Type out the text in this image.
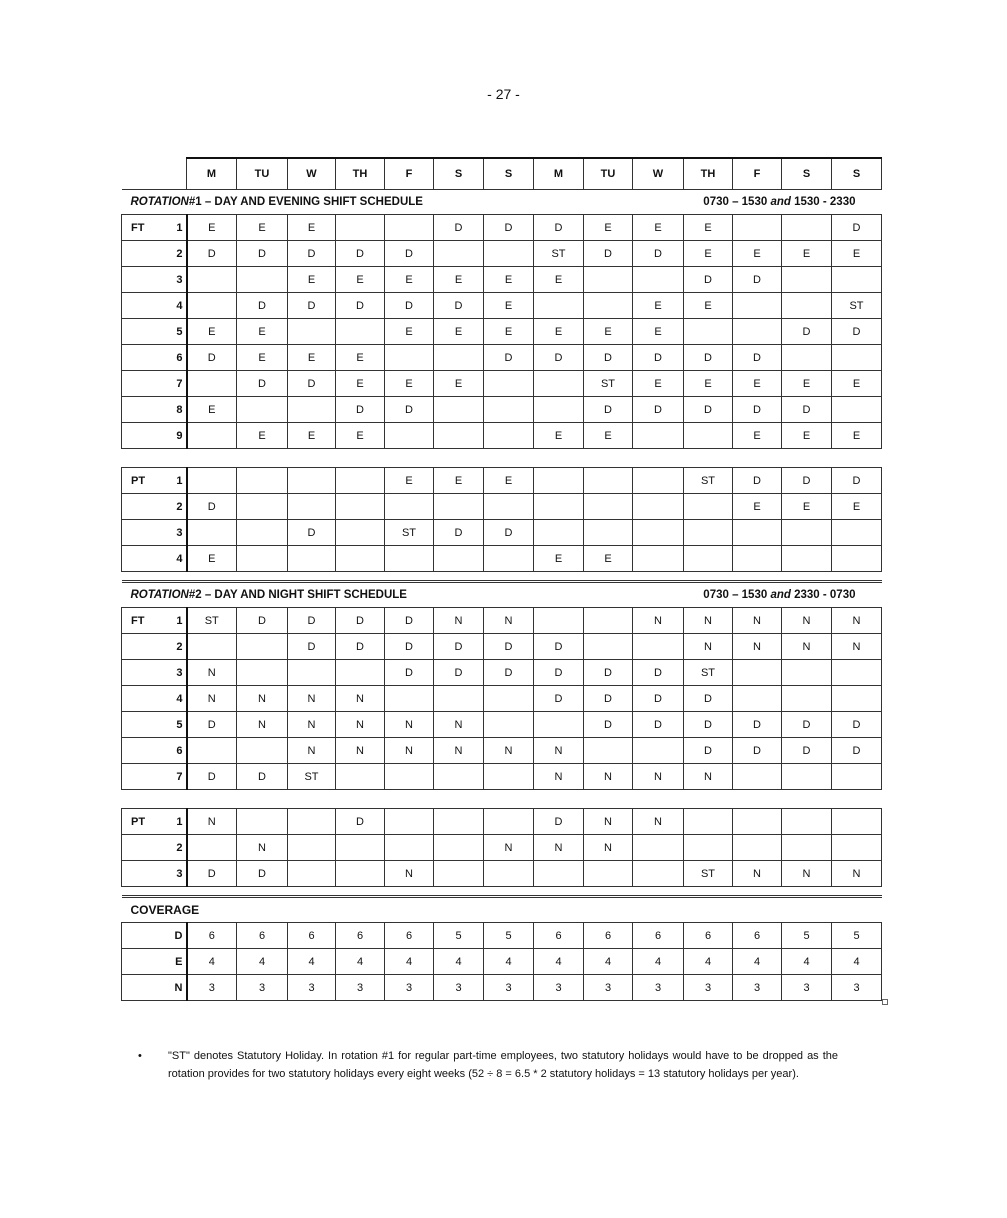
- 27 -
		M	TU	W	TH	F	S	S	M	TU	W	TH	F	S	S

ROTATION#1 – DAY AND EVENING SHIFT SCHEDULE 0730 – 1530 and 1530 - 2330															

FT	1	E	E	E			D	D	D	E	E	E			D
	2	D	D	D	D	D			ST	D	D	E	E	E	E
	3			E	E	E	E	E	E			D	D		
	4		D	D	D	D	D	E			E	E			ST
	5	E	E			E	E	E	E	E	E			D	D
	6	D	E	E	E			D	D	D	D	D	D		
	7		D	D	E	E	E			ST	E	E	E	E	E
	8	E			D	D				D	D	D	D	D	
	9		E	E	E				E	E			E	E	E

PT	1					E	E	E				ST	D	D	D
	2	D											E	E	E
	3			D		ST	D	D							
	4	E							E	E					

ROTATION#2 – DAY AND NIGHT SHIFT SCHEDULE 0730 – 1530 and 2330 - 0730															

FT	1	ST	D	D	D	D	N	N			N	N	N	N	N
	2			D	D	D	D	D	D			N	N	N	N
	3	N				D	D	D	D	D	D	ST			
	4	N	N	N	N				D	D	D	D			
	5	D	N	N	N	N	N			D	D	D	D	D	D
	6			N	N	N	N	N	N			D	D	D	D
	7	D	D	ST					N	N	N	N			

PT	1	N			D				D	N	N				
	2		N					N	N	N					
	3	D	D			N						ST	N	N	N

COVERAGE															
	D	6	6	6	6	6	5	5	6	6	6	6	6	5	5
	E	4	4	4	4	4	4	4	4	4	4	4	4	4	4
	N	3	3	3	3	3	3	3	3	3	3	3	3	3	3
• "ST" denotes Statutory Holiday. In rotation #1 for regular part-time employees, two statutory holidays would have to be dropped as the rotation provides for two statutory holidays every eight weeks (52 ÷ 8 = 6.5 * 2 statutory holidays = 13 statutory holidays per year).
